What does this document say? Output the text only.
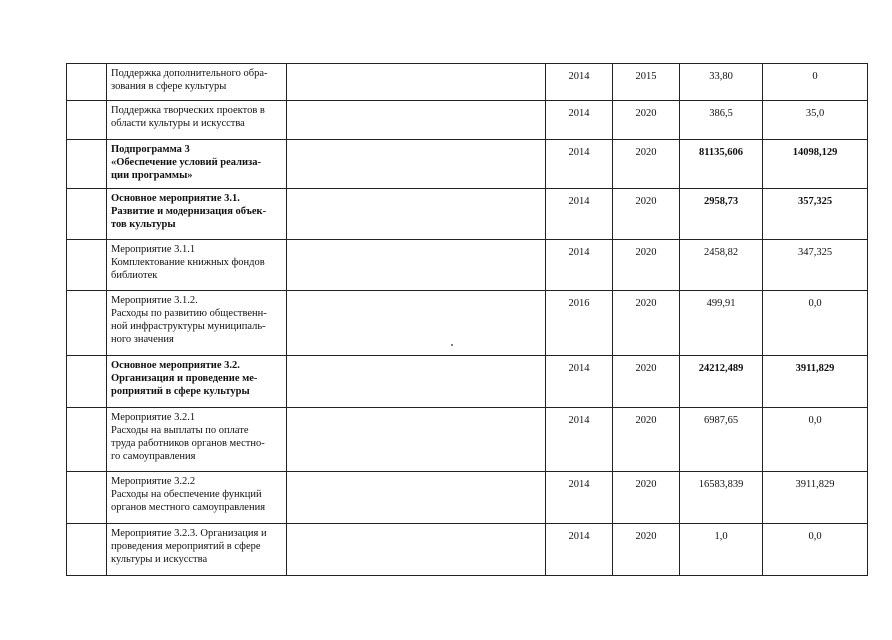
	Поддержка дополнительного обра-
зования в сфере культуры		2014	2015	33,80	0
	Поддержка творческих проектов в
области культуры и искусства		2014	2020	386,5	35,0
	Подпрограмма 3
«Обеспечение условий реализа-
ции программы»		2014	2020	81135,606	14098,129
	Основное мероприятие 3.1.
Развитие и модернизация объек-
тов культуры		2014	2020	2958,73	357,325
	Мероприятие 3.1.1
Комплектование книжных фондов
библиотек		2014	2020	2458,82	347,325
	Мероприятие 3.1.2.
Расходы по развитию общественн-
ной инфраструктуры муниципаль-
ного значения		2016	2020	499,91	0,0
	Основное мероприятие 3.2.
Организация и проведение ме-
роприятий в сфере культуры		2014	2020	24212,489	3911,829
	Мероприятие 3.2.1
Расходы на выплаты по оплате
труда работников органов местно-
го самоуправления		2014	2020	6987,65	0,0
	Мероприятие 3.2.2
Расходы на обеспечение функций
органов местного самоуправления		2014	2020	16583,839	3911,829
	Мероприятие 3.2.3. Организация и
проведения мероприятий в сфере
культуры и искусства		2014	2020	1,0	0,0
